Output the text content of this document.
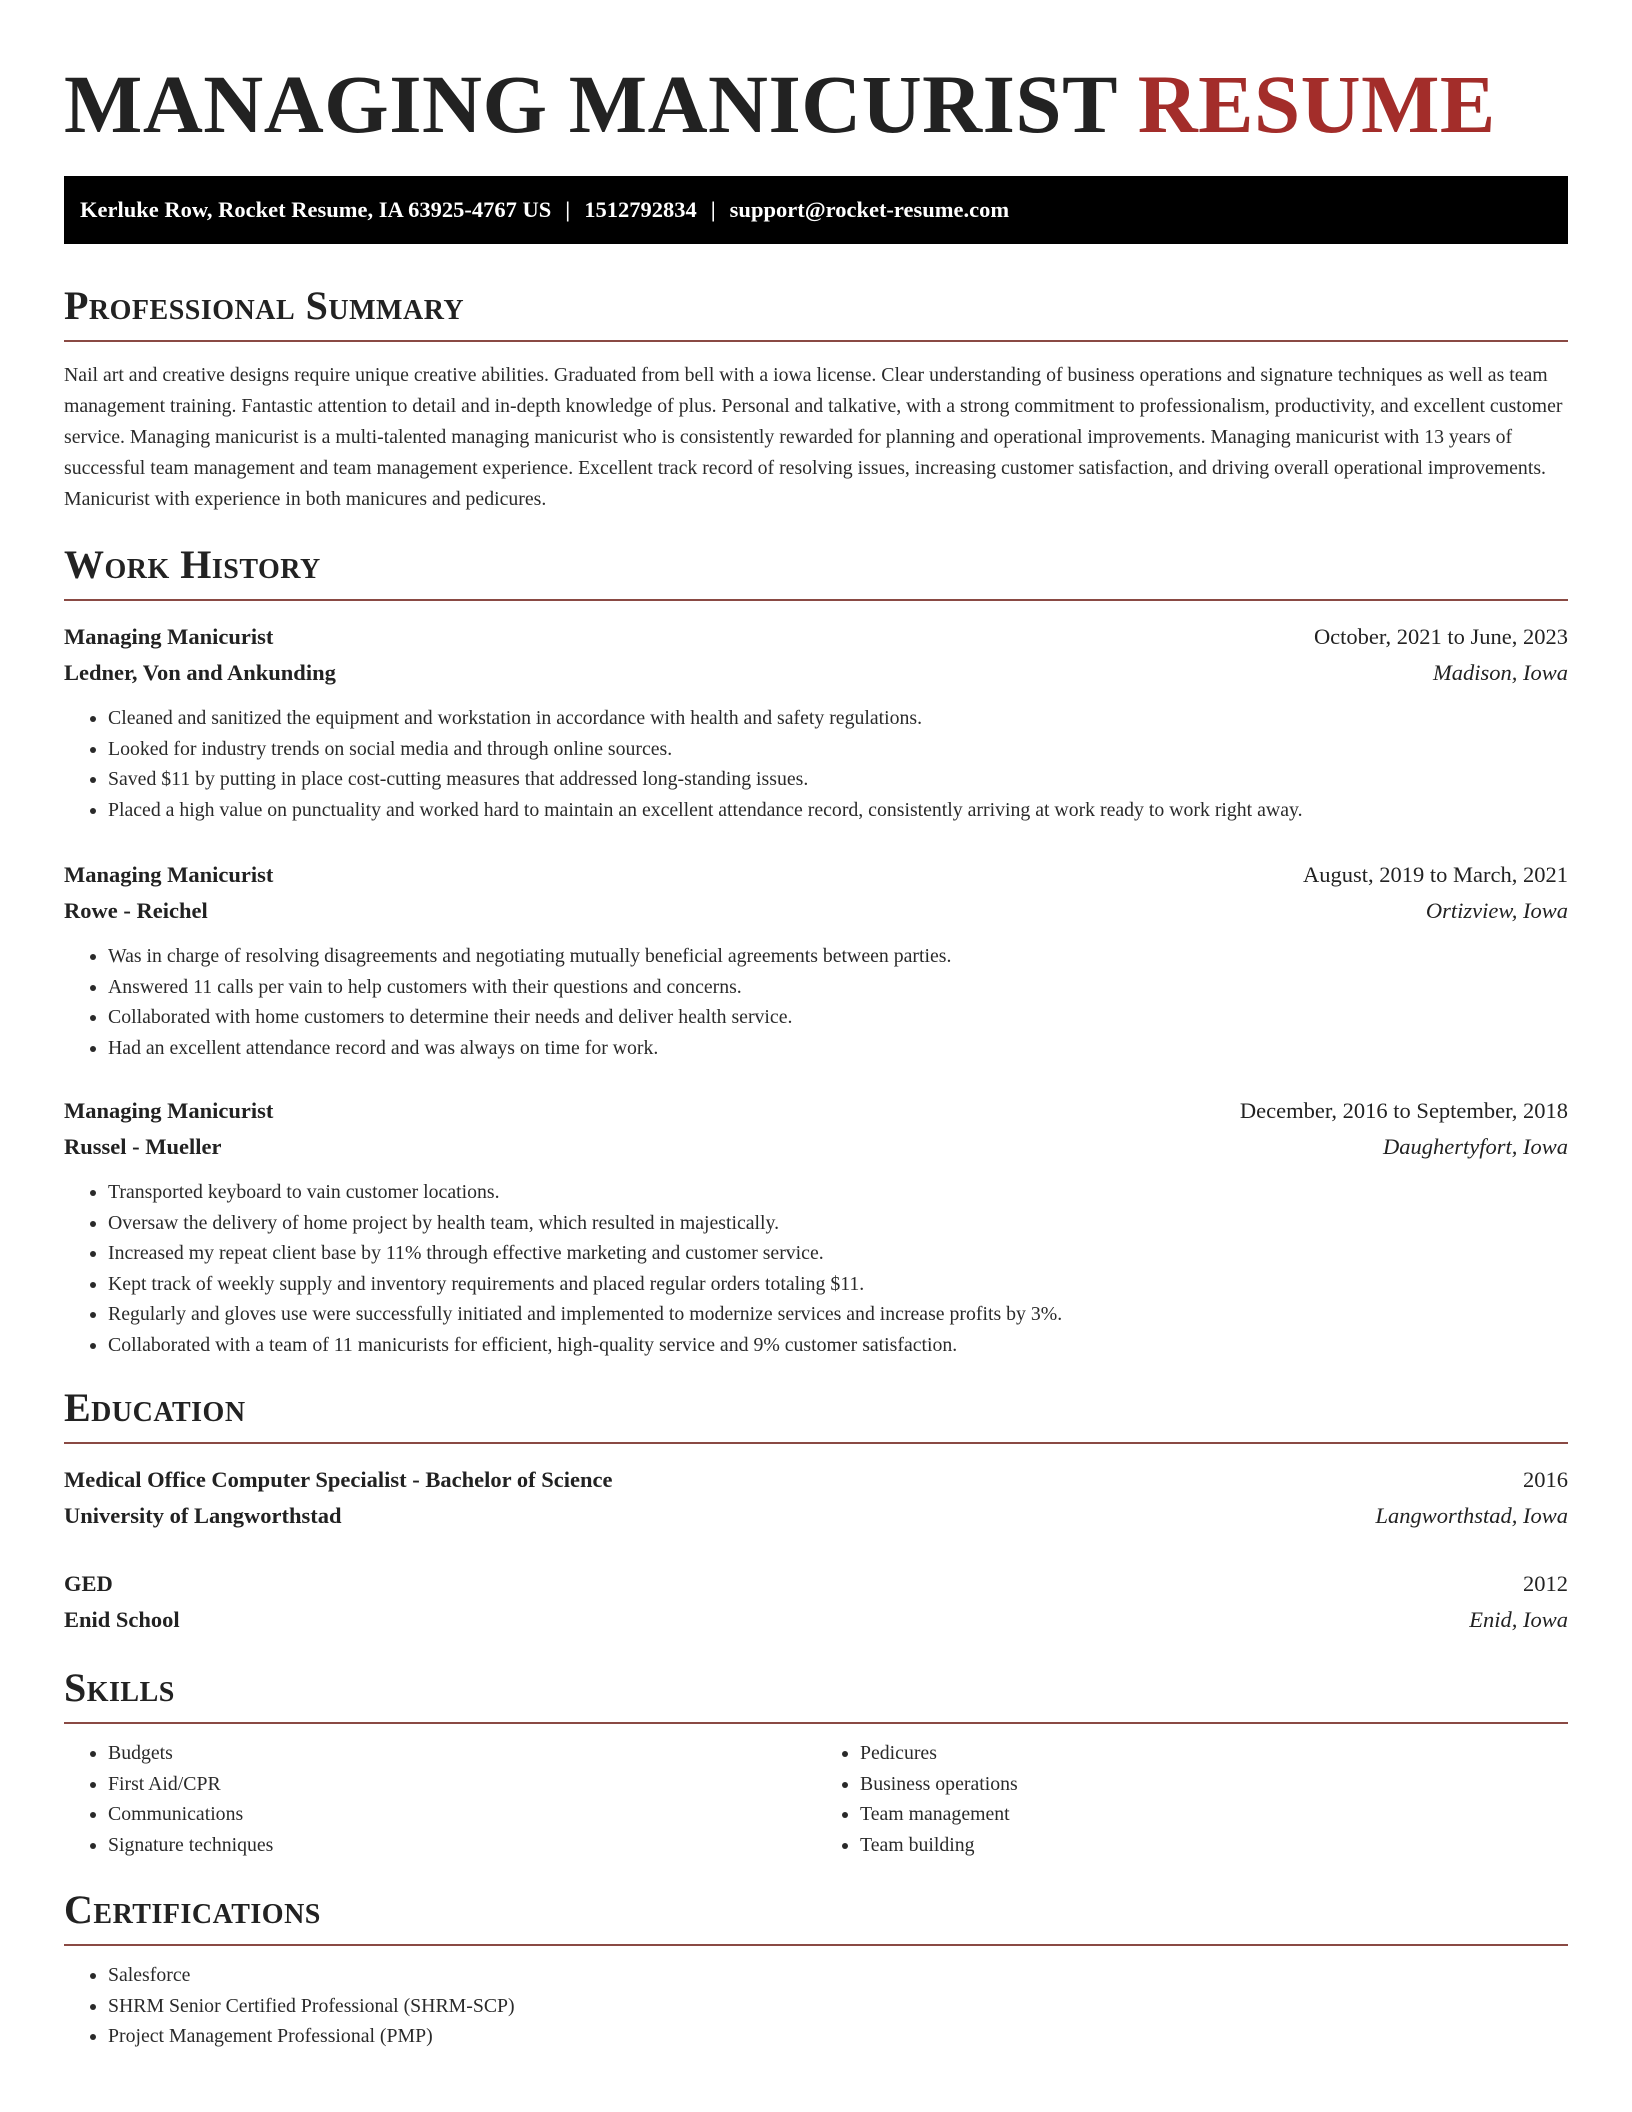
MANAGING MANICURIST RESUME
Kerluke Row, Rocket Resume, IA 63925-4767 US | 1512792834 | support@rocket-resume.com
Professional Summary

Nail art and creative designs require unique creative abilities. Graduated from bell with a iowa license. Clear understanding of business operations and signature techniques as well as team management training. Fantastic attention to detail and in-depth knowledge of plus. Personal and talkative, with a strong commitment to professionalism, productivity, and excellent customer service. Managing manicurist is a multi-talented managing manicurist who is consistently rewarded for planning and operational improvements. Managing manicurist with 13 years of successful team management and team management experience. Excellent track record of resolving issues, increasing customer satisfaction, and driving overall operational improvements. Manicurist with experience in both manicures and pedicures.

Work History
Managing Manicurist	October, 2021 to June, 2023
Ledner, Von and Ankunding	Madison, Iowa
• Cleaned and sanitized the equipment and workstation in accordance with health and safety regulations.
• Looked for industry trends on social media and through online sources.
• Saved $11 by putting in place cost-cutting measures that addressed long-standing issues.
• Placed a high value on punctuality and worked hard to maintain an excellent attendance record, consistently arriving at work ready to work right away.
Managing Manicurist	August, 2019 to March, 2021
Rowe - Reichel	Ortizview, Iowa
• Was in charge of resolving disagreements and negotiating mutually beneficial agreements between parties.
• Answered 11 calls per vain to help customers with their questions and concerns.
• Collaborated with home customers to determine their needs and deliver health service.
• Had an excellent attendance record and was always on time for work.
Managing Manicurist	December, 2016 to September, 2018
Russel - Mueller	Daughertyfort, Iowa
• Transported keyboard to vain customer locations.
• Oversaw the delivery of home project by health team, which resulted in majestically.
• Increased my repeat client base by 11% through effective marketing and customer service.
• Kept track of weekly supply and inventory requirements and placed regular orders totaling $11.
• Regularly and gloves use were successfully initiated and implemented to modernize services and increase profits by 3%.
• Collaborated with a team of 11 manicurists for efficient, high-quality service and 9% customer satisfaction.
Education
Medical Office Computer Specialist - Bachelor of Science	2016
University of Langworthstad	Langworthstad, Iowa
GED	2012
Enid School	Enid, Iowa
Skills
• Budgets
• First Aid/CPR
• Communications
• Signature techniques
• Pedicures
• Business operations
• Team management
• Team building
Certifications
• Salesforce
• SHRM Senior Certified Professional (SHRM-SCP)
• Project Management Professional (PMP)
